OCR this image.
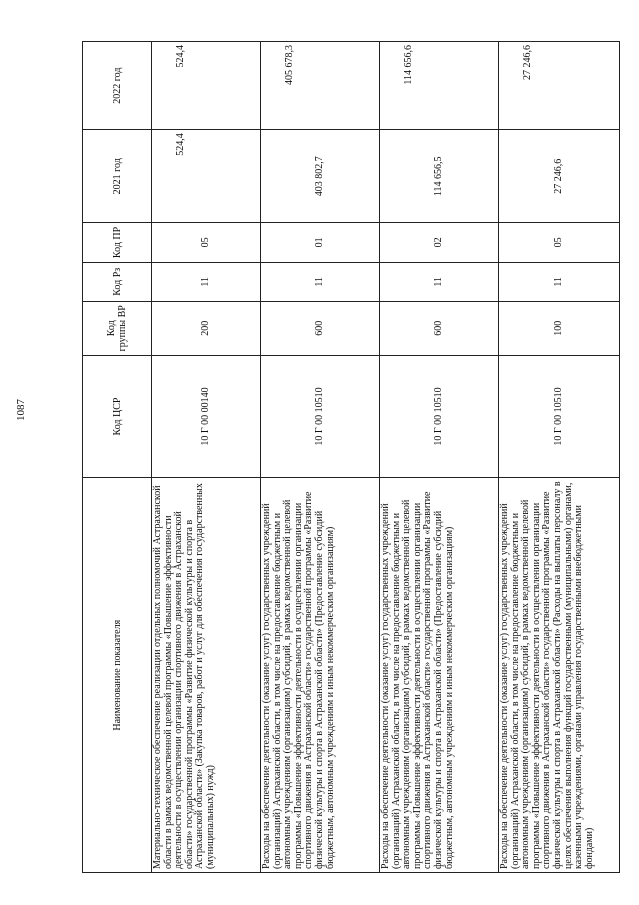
1087
Наименование показателя	Код ЦСР	Код группы ВР	Код Рз	Код ПР	2021 год	2022 год
Материально-техническое обеспечение реализации отдельных полномочий Астраханской области в рамках ведомственной целевой программы «Повышение эффективности деятельности в осуществлении организации спортивного движения в Астраханской области» государственной программы «Развитие физической культуры и спорта в Астраханской области» (Закупка товаров, работ и услуг для обеспечения государственных (муниципальных) нужд)	10 Г 00 00140	200	11	05	524,4	524,4
Расходы на обеспечение деятельности (оказание услуг) государственных учреждений (организаций) Астраханской области, в том числе на предоставление бюджетным и автономным учреждениям (организациям) субсидий, в рамках ведомственной целевой программы «Повышение эффективности деятельности в осуществлении организации спортивного движения в Астраханской области» государственной программы «Развитие физической культуры и спорта в Астраханской области» (Предоставление субсидий бюджетным, автономным учреждениям и иным некоммерческим организациям)	10 Г 00 10510	600	11	01	403 802,7	405 678,3
Расходы на обеспечение деятельности (оказание услуг) государственных учреждений (организаций) Астраханской области, в том числе на предоставление бюджетным и автономным учреждениям (организациям) субсидий, в рамках ведомственной целевой программы «Повышение эффективности деятельности в осуществлении организации спортивного движения в Астраханской области» государственной программы «Развитие физической культуры и спорта в Астраханской области» (Предоставление субсидий бюджетным, автономным учреждениям и иным некоммерческим организациям)	10 Г 00 10510	600	11	02	114 656,5	114 656,6
Расходы на обеспечение деятельности (оказание услуг) государственных учреждений (организаций) Астраханской области, в том числе на предоставление бюджетным и автономным учреждениям (организациям) субсидий, в рамках ведомственной целевой программы «Повышение эффективности деятельности в осуществлении организации спортивного движения в Астраханской области» государственной программы «Развитие физической культуры и спорта в Астраханской области» (Расходы на выплаты персоналу в целях обеспечения выполнения функций государственными (муниципальными) органами, казенными учреждениями, органами управления государственными внебюджетными фондами)	10 Г 00 10510	100	11	05	27 246,6	27 246,6
